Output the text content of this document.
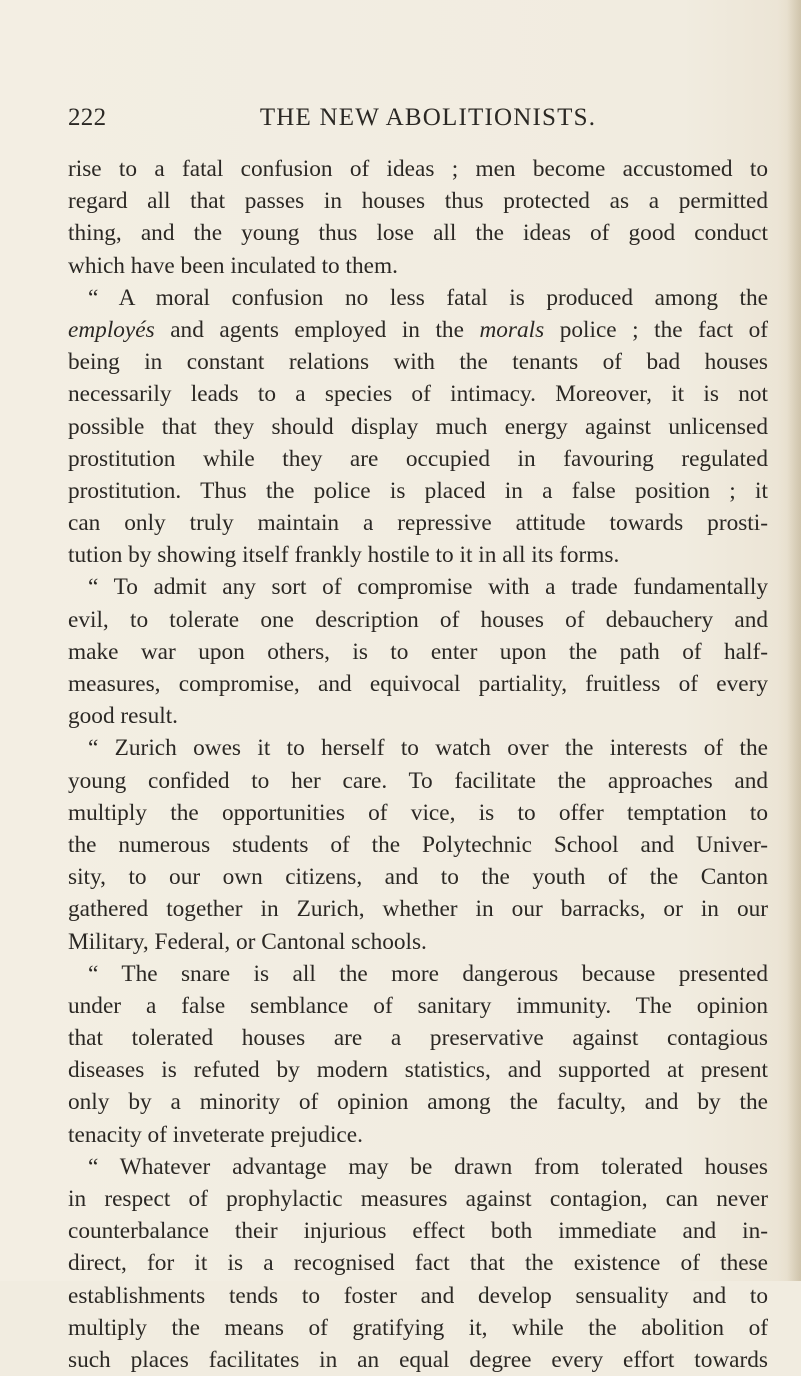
222	THE NEW ABOLITIONISTS.
rise to a fatal confusion of ideas ; men become accustomed to
regard all that passes in houses thus protected as a permitted
thing, and the young thus lose all the ideas of good conduct
which have been inculated to them.
“ A moral confusion no less fatal is produced among the
employés and agents employed in the morals police ; the fact of
being in constant relations with the tenants of bad houses
necessarily leads to a species of intimacy. Moreover, it is not
possible that they should display much energy against unlicensed
prostitution while they are occupied in favouring regulated
prostitution. Thus the police is placed in a false position ; it
can only truly maintain a repressive attitude towards prosti-
tution by showing itself frankly hostile to it in all its forms.
“ To admit any sort of compromise with a trade fundamentally
evil, to tolerate one description of houses of debauchery and
make war upon others, is to enter upon the path of half-
measures, compromise, and equivocal partiality, fruitless of every
good result.
“ Zurich owes it to herself to watch over the interests of the
young confided to her care. To facilitate the approaches and
multiply the opportunities of vice, is to offer temptation to
the numerous students of the Polytechnic School and Univer-
sity, to our own citizens, and to the youth of the Canton
gathered together in Zurich, whether in our barracks, or in our
Military, Federal, or Cantonal schools.
“ The snare is all the more dangerous because presented
under a false semblance of sanitary immunity. The opinion
that tolerated houses are a preservative against contagious
diseases is refuted by modern statistics, and supported at present
only by a minority of opinion among the faculty, and by the
tenacity of inveterate prejudice.
“ Whatever advantage may be drawn from tolerated houses
in respect of prophylactic measures against contagion, can never
counterbalance their injurious effect both immediate and in-
direct, for it is a recognised fact that the existence of these
establishments tends to foster and develop sensuality and to
multiply the means of gratifying it, while the abolition of
such places facilitates in an equal degree every effort towards
